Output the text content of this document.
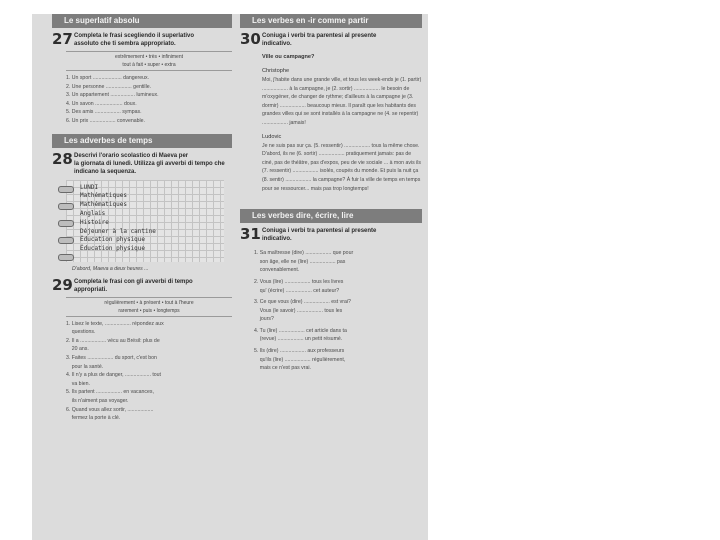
Le superlatif absolu
27 Completa le frasi scegliendo il superlativo
assoluto che ti sembra appropriato.
extrêmement • très • infiniment
tout à fait • super • extra
1. Un sport .................... dangereux.
2. Une personne .................. gentille.
3. Un appartement ................. lumineux.
4. Un savon ................... doux.
5. Des amis .................. sympas.
6. Un prix .................. convenable.
Les adverbes de temps
28 Descrivi l'orario scolastico di Maeva per
la giornata di lunedì. Utilizza gli avverbi di tempo che indicano la sequenza.
LUNDI
Mathématiques
Mathématiques
Anglais
Histoire
Déjeuner à la cantine
Éducation physique
Éducation physique
D'abord, Maeva a deux heures ...
29 Completa le frasi con gli avverbi di tempo
appropriati.
régulièrement • à présent • tout à l'heure
rarement • puis • longtemps
1. Lisez le texte, .................. répondez aux
questions.
2. Il a .................. vécu au Brésil: plus de
20 ans.
3. Faites .................. du sport, c'est bon
pour la santé.
4. Il n'y a plus de danger, .................. tout
va bien.
5. Ils partent .................. en vacances,
ils n'aiment pas voyager.
6. Quand vous allez sortir, ..................
fermez la porte à clé.
Les verbes en -ir comme partir
30 Coniuga i verbi tra parentesi al presente
indicativo.
Ville ou campagne?
Christophe
Moi, j'habite dans une grande ville, et tous les week-ends je (1. partir) .................. à la campagne, je (2. sortir) .................. le besoin de m'oxygéner, de changer de rythme; d'ailleurs à la campagne je (3. dormir) .................. beaucoup mieux. Il paraît que les habitants des grandes villes qui se sont installés à la campagne ne (4. se repentir) .................. jamais!
Ludovic
Je ne suis pas sur ça. (5. ressentir) .................. tous la même chose. D'abord, ils ne (6. sortir) .................. pratiquement jamais: pas de ciné, pas de théâtre, pas d'expos, peu de vie sociale ... à mon avis ils (7. ressentir) .................. isolés, coupés du monde. Et puis la nuit ça (8. sentir) .................. la campagne? À fuir la ville de temps en temps pour se ressourcer... mais pas trop longtemps!
Les verbes dire, écrire, lire
31 Coniuga i verbi tra parentesi al presente
indicativo.
1. Sa maîtresse (dire) .................. que pour
son âge, elle ne (lire) .................. pas
convenablement.
2. Vous (lire) .................. tous les livres
qu' (écrire) .................. cet auteur?
3. Ce que vous (dire) .................. est vrai?
Vous (le savoir) .................. tous les
jours?
4. Tu (lire) .................. cet article dans ta
(revue) .................. un petit résumé.
5. Ils (dire) .................. aux professeurs
qu'ils (lire) .................. régulièrement,
mais ce n'est pas vrai.
